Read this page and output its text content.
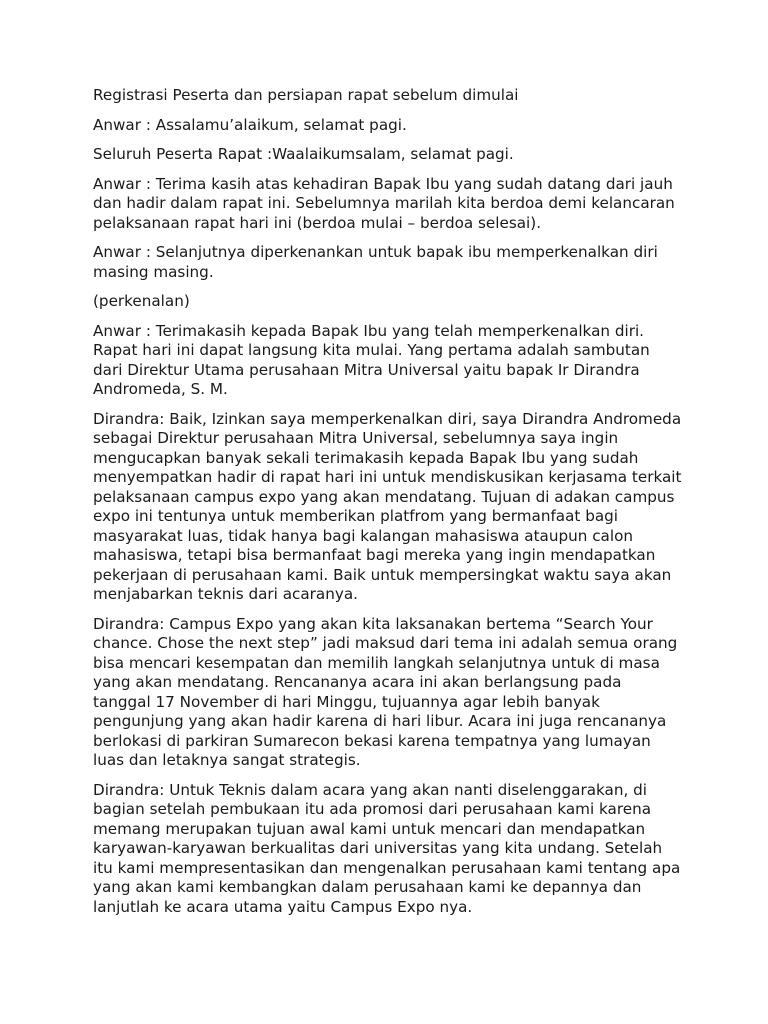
Registrasi Peserta dan persiapan rapat sebelum dimulai

Anwar : Assalamu’alaikum, selamat pagi.

Seluruh Peserta Rapat :Waalaikumsalam, selamat pagi.

Anwar : Terima kasih atas kehadiran Bapak Ibu yang sudah datang dari jauh dan hadir dalam rapat ini. Sebelumnya marilah kita berdoa demi kelancaran pelaksanaan rapat hari ini (berdoa mulai – berdoa selesai).

Anwar : Selanjutnya diperkenankan untuk bapak ibu memperkenalkan diri masing masing.

(perkenalan)

Anwar : Terimakasih kepada Bapak Ibu yang telah memperkenalkan diri. Rapat hari ini dapat langsung kita mulai. Yang pertama adalah sambutan dari Direktur Utama perusahaan Mitra Universal yaitu bapak Ir Dirandra Andromeda, S. M.

Dirandra: Baik, Izinkan saya memperkenalkan diri, saya Dirandra Andromeda sebagai Direktur perusahaan Mitra Universal, sebelumnya saya ingin mengucapkan banyak sekali terimakasih kepada Bapak Ibu yang sudah menyempatkan hadir di rapat hari ini untuk mendiskusikan kerjasama terkait pelaksanaan campus expo yang akan mendatang. Tujuan di adakan campus expo ini tentunya untuk memberikan platfrom yang bermanfaat bagi masyarakat luas, tidak hanya bagi kalangan mahasiswa ataupun calon mahasiswa, tetapi bisa bermanfaat bagi mereka yang ingin mendapatkan pekerjaan di perusahaan kami. Baik untuk mempersingkat waktu saya akan menjabarkan teknis dari acaranya.

Dirandra: Campus Expo yang akan kita laksanakan bertema “Search Your chance. Chose the next step” jadi maksud dari tema ini adalah semua orang bisa mencari kesempatan dan memilih langkah selanjutnya untuk di masa yang akan mendatang. Rencananya acara ini akan berlangsung pada tanggal 17 November di hari Minggu, tujuannya agar lebih banyak pengunjung yang akan hadir karena di hari libur. Acara ini juga rencananya berlokasi di parkiran Sumarecon bekasi karena tempatnya yang lumayan luas dan letaknya sangat strategis.

Dirandra: Untuk Teknis dalam acara yang akan nanti diselenggarakan, di bagian setelah pembukaan itu ada promosi dari perusahaan kami karena memang merupakan tujuan awal kami untuk mencari dan mendapatkan karyawan-karyawan berkualitas dari universitas yang kita undang. Setelah itu kami mempresentasikan dan mengenalkan perusahaan kami tentang apa yang akan kami kembangkan dalam perusahaan kami ke depannya dan lanjutlah ke acara utama yaitu Campus Expo nya.
